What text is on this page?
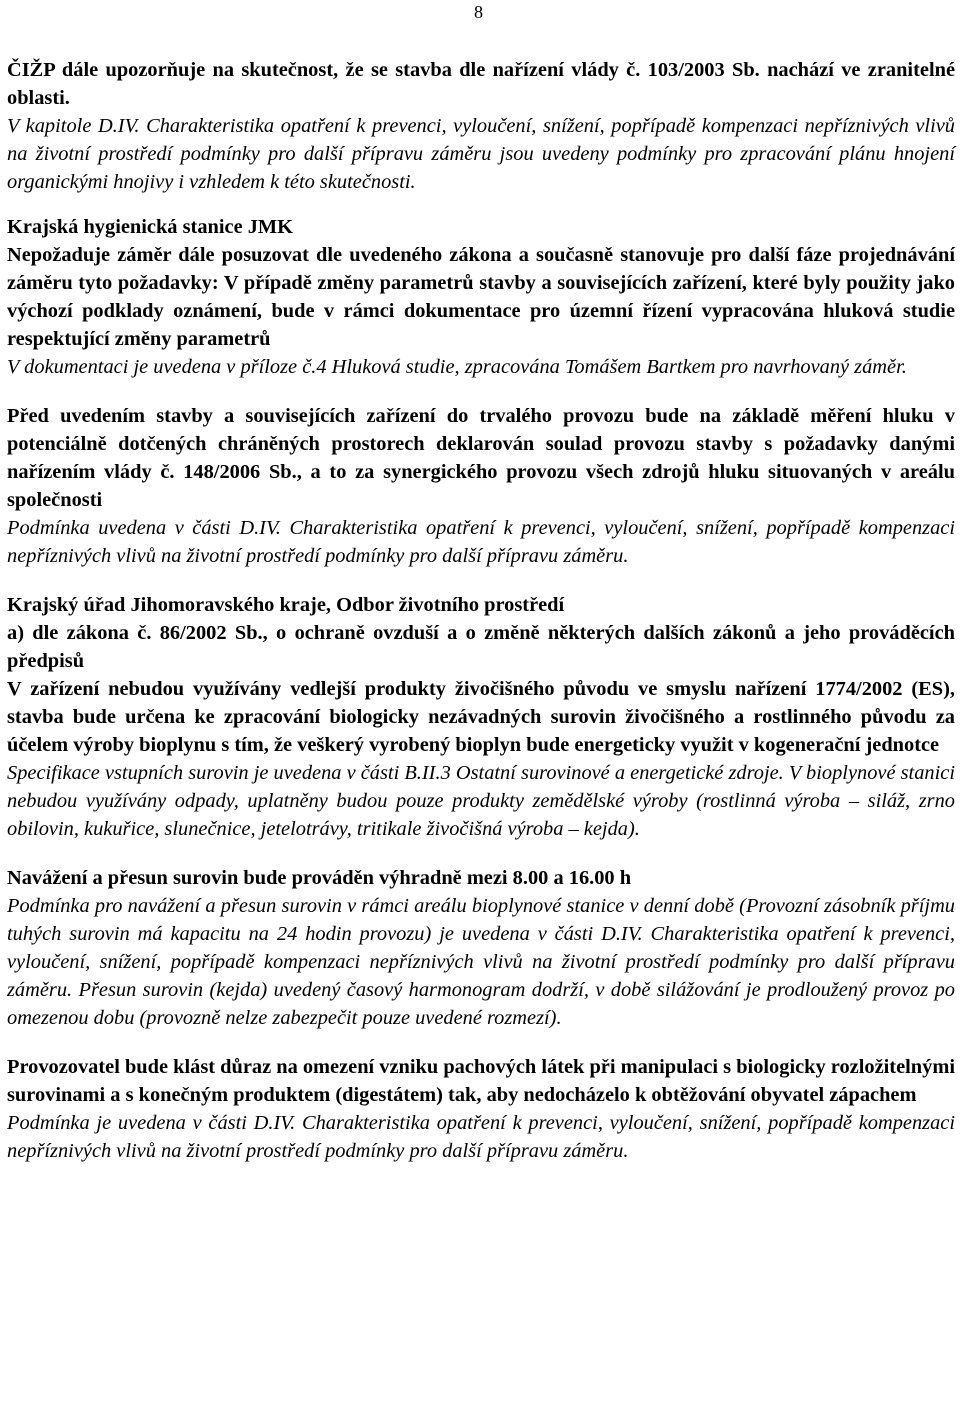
8

ČIŽP dále upozorňuje na skutečnost, že se stavba dle nařízení vlády č. 103/2003 Sb. nachází ve zranitelné oblasti.

V kapitole D.IV. Charakteristika opatření k prevenci, vyloučení, snížení, popřípadě kompenzaci nepříznivých vlivů na životní prostředí podmínky pro další přípravu záměru jsou uvedeny podmínky pro zpracování plánu hnojení organickými hnojivy i vzhledem k této skutečnosti.

Krajská hygienická stanice JMK

Nepožaduje záměr dále posuzovat dle uvedeného zákona a současně stanovuje pro další fáze projednávání záměru tyto požadavky: V případě změny parametrů stavby a souvisejících zařízení, které byly použity jako výchozí podklady oznámení, bude v rámci dokumentace pro územní řízení vypracována hluková studie respektující změny parametrů

V dokumentaci je uvedena v příloze č.4 Hluková studie, zpracována Tomášem Bartkem pro navrhovaný záměr.

Před uvedením stavby a souvisejících zařízení do trvalého provozu bude na základě měření hluku v potenciálně dotčených chráněných prostorech deklarován soulad provozu stavby s požadavky danými nařízením vlády č. 148/2006 Sb., a to za synergického provozu všech zdrojů hluku situovaných v areálu společnosti

Podmínka uvedena v části D.IV. Charakteristika opatření k prevenci, vyloučení, snížení, popřípadě kompenzaci nepříznivých vlivů na životní prostředí podmínky pro další přípravu záměru.

Krajský úřad Jihomoravského kraje, Odbor životního prostředí

a) dle zákona č. 86/2002 Sb., o ochraně ovzduší a o změně některých dalších zákonů a jeho prováděcích předpisů

V zařízení nebudou využívány vedlejší produkty živočišného původu ve smyslu nařízení 1774/2002 (ES), stavba bude určena ke zpracování biologicky nezávadných surovin živočišného a rostlinného původu za účelem výroby bioplynu s tím, že veškerý vyrobený bioplyn bude energeticky využit v kogenerační jednotce

Specifikace vstupních surovin je uvedena v části B.II.3 Ostatní surovinové a energetické zdroje. V bioplynové stanici nebudou využívány odpady, uplatněny budou pouze produkty zemědělské výroby (rostlinná výroba – siláž, zrno obilovin, kukuřice, slunečnice, jetelotrávy, tritikale živočišná výroba – kejda).

Navážení a přesun surovin bude prováděn výhradně mezi 8.00 a 16.00 h

Podmínka pro navážení a přesun surovin v rámci areálu bioplynové stanice v denní době (Provozní zásobník příjmu tuhých surovin má kapacitu na 24 hodin provozu) je uvedena v části D.IV. Charakteristika opatření k prevenci, vyloučení, snížení, popřípadě kompenzaci nepříznivých vlivů na životní prostředí podmínky pro další přípravu záměru. Přesun surovin (kejda) uvedený časový harmonogram dodrží, v době silážování je prodloužený provoz po omezenou dobu (provozně nelze zabezpečit pouze uvedené rozmezí).

Provozovatel bude klást důraz na omezení vzniku pachových látek při manipulaci s biologicky rozložitelnými surovinami a s konečným produktem (digestátem) tak, aby nedocházelo k obtěžování obyvatel zápachem

Podmínka je uvedena v části D.IV. Charakteristika opatření k prevenci, vyloučení, snížení, popřípadě kompenzaci nepříznivých vlivů na životní prostředí podmínky pro další přípravu záměru.
